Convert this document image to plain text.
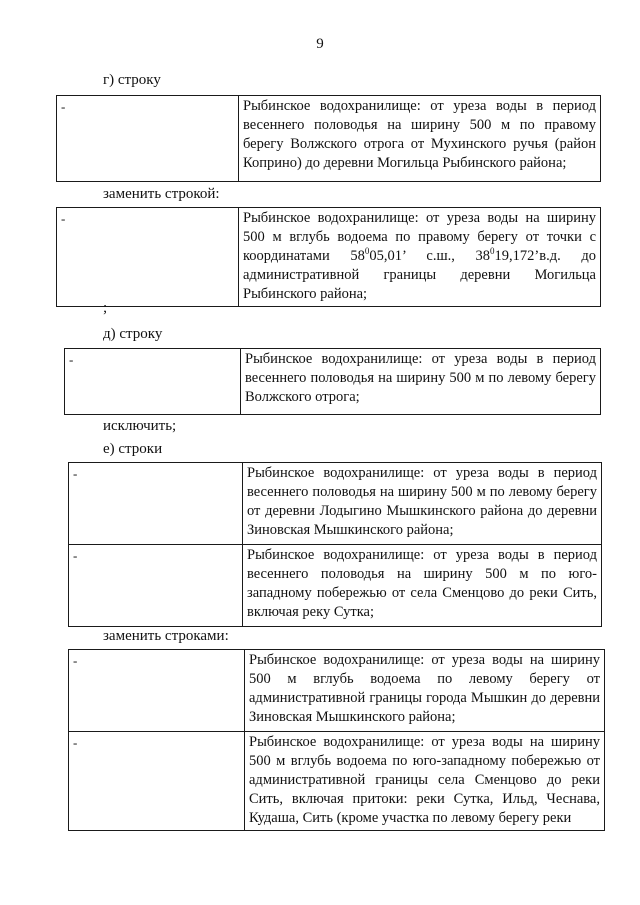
9
г) строку
-	Рыбинское водохранилище: от уреза воды в период весеннего половодья на ширину 500 м по правому берегу Волжского отрога от Мухинского ручья (район Коприно) до деревни Могильца Рыбинского района;
заменить строкой:
-	Рыбинское водохранилище: от уреза воды на ширину 500 м вглубь водоема по правому берегу от точки с координатами $58^005,01$’ с.ш., $38^019,172’в.д$. до административной границы деревни Могильца Рыбинского района;
;
д) строку
-	Рыбинское водохранилище: от уреза воды в период весеннего половодья на ширину 500 м по левому берегу Волжского отрога;
исключить;
е) строки
-	Рыбинское водохранилище: от уреза воды в период весеннего половодья на ширину 500 м по левому берегу от деревни Лодыгино Мышкинского района до деревни Зиновская Мышкинского района;
-	Рыбинское водохранилище: от уреза воды в период весеннего половодья на ширину 500 м по юго-западному побережью от села Сменцово до реки Сить, включая реку Сутка;
заменить строками:
-	Рыбинское водохранилище: от уреза воды на ширину 500 м вглубь водоема по левому берегу от административной границы города Мышкин до деревни Зиновская Мышкинского района;
-	Рыбинское водохранилище: от уреза воды на ширину 500 м вглубь водоема по юго-западному побережью от административной границы села Сменцово до реки Сить, включая притоки: реки Сутка, Ильд, Чеснава, Кудаша, Сить (кроме участка по левому берегу реки
